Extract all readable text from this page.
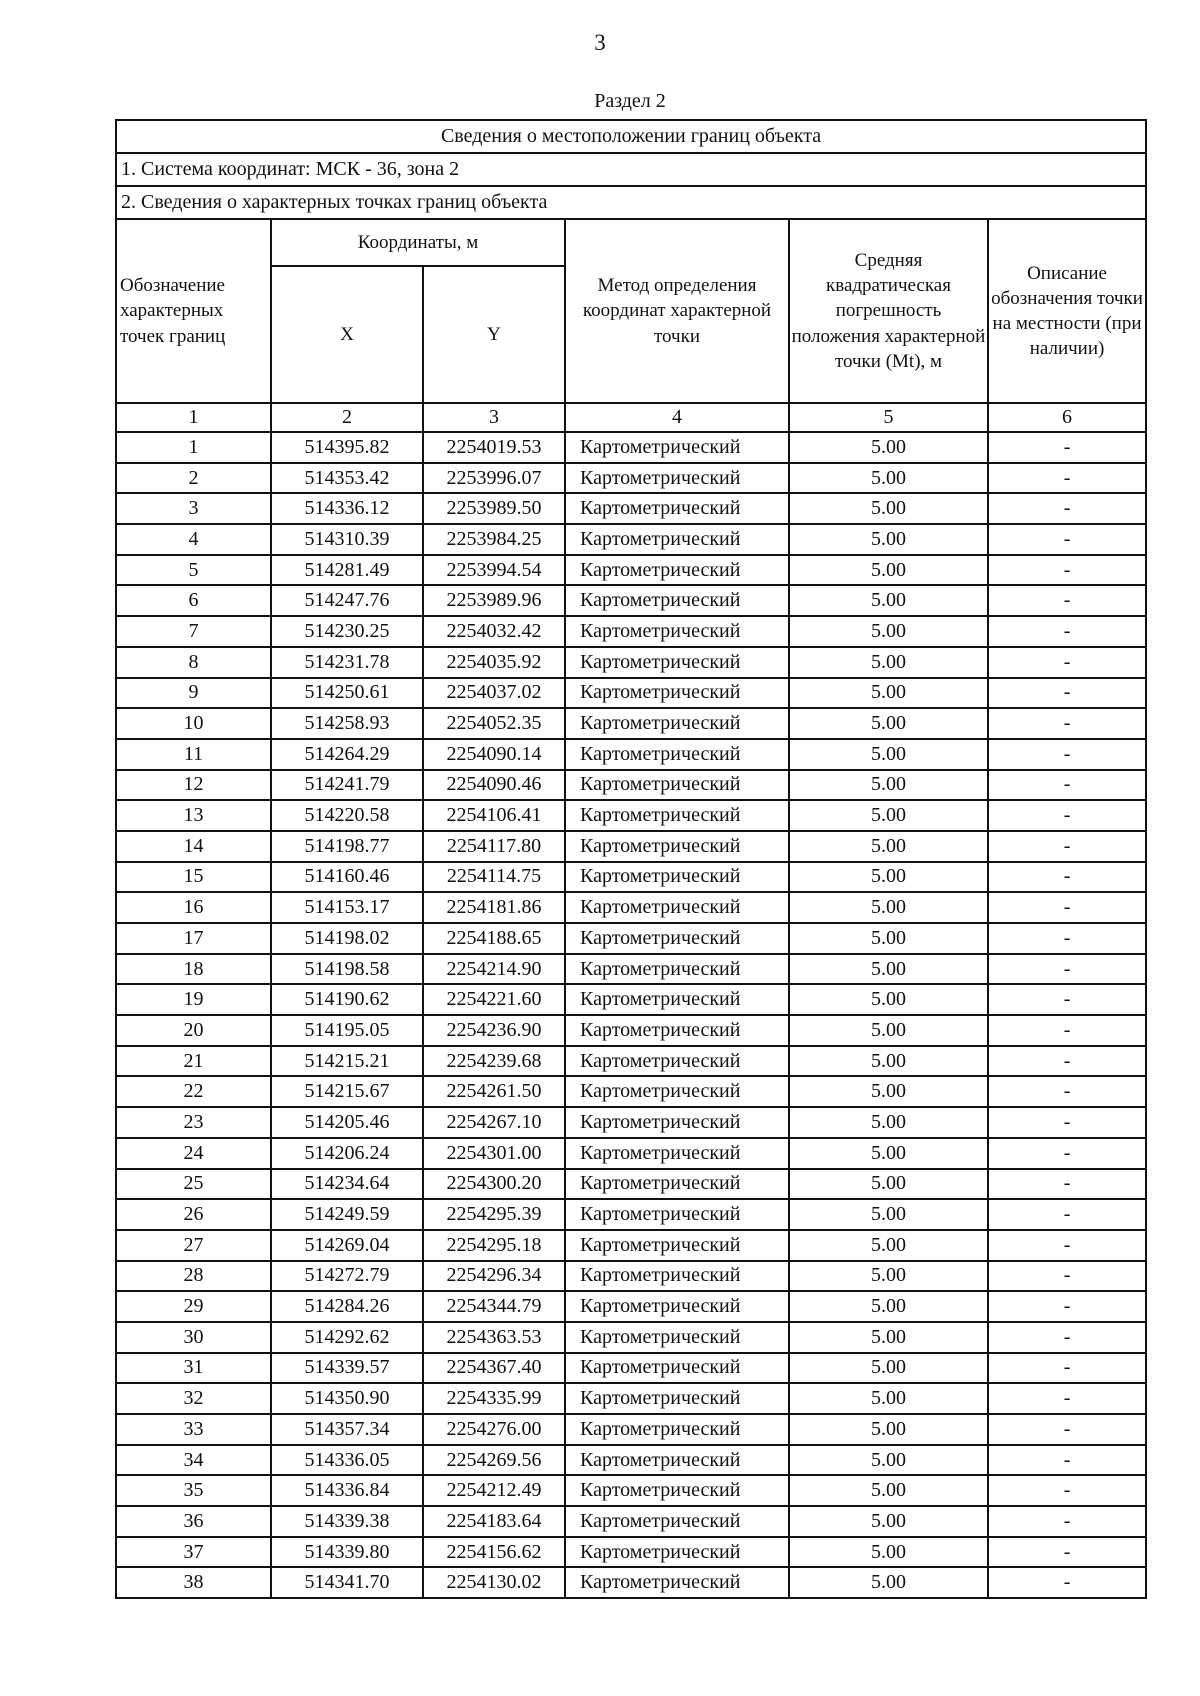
3
Раздел 2
Сведения о местоположении границ объекта					
1. Система координат: МСК - 36, зона 2					
2. Сведения о характерных точках границ объекта					
Обозначение характерных точек границ	Координаты, м		Метод определения координат характерной точки	Средняя квадратическая погрешность положения характерной точки (Mt), м	Описание обозначения точки на местности (при наличии)
	X	Y			
1	2	3	4	5	6
1	514395.82	2254019.53	Картометрический	5.00	-
2	514353.42	2253996.07	Картометрический	5.00	-
3	514336.12	2253989.50	Картометрический	5.00	-
4	514310.39	2253984.25	Картометрический	5.00	-
5	514281.49	2253994.54	Картометрический	5.00	-
6	514247.76	2253989.96	Картометрический	5.00	-
7	514230.25	2254032.42	Картометрический	5.00	-
8	514231.78	2254035.92	Картометрический	5.00	-
9	514250.61	2254037.02	Картометрический	5.00	-
10	514258.93	2254052.35	Картометрический	5.00	-
11	514264.29	2254090.14	Картометрический	5.00	-
12	514241.79	2254090.46	Картометрический	5.00	-
13	514220.58	2254106.41	Картометрический	5.00	-
14	514198.77	2254117.80	Картометрический	5.00	-
15	514160.46	2254114.75	Картометрический	5.00	-
16	514153.17	2254181.86	Картометрический	5.00	-
17	514198.02	2254188.65	Картометрический	5.00	-
18	514198.58	2254214.90	Картометрический	5.00	-
19	514190.62	2254221.60	Картометрический	5.00	-
20	514195.05	2254236.90	Картометрический	5.00	-
21	514215.21	2254239.68	Картометрический	5.00	-
22	514215.67	2254261.50	Картометрический	5.00	-
23	514205.46	2254267.10	Картометрический	5.00	-
24	514206.24	2254301.00	Картометрический	5.00	-
25	514234.64	2254300.20	Картометрический	5.00	-
26	514249.59	2254295.39	Картометрический	5.00	-
27	514269.04	2254295.18	Картометрический	5.00	-
28	514272.79	2254296.34	Картометрический	5.00	-
29	514284.26	2254344.79	Картометрический	5.00	-
30	514292.62	2254363.53	Картометрический	5.00	-
31	514339.57	2254367.40	Картометрический	5.00	-
32	514350.90	2254335.99	Картометрический	5.00	-
33	514357.34	2254276.00	Картометрический	5.00	-
34	514336.05	2254269.56	Картометрический	5.00	-
35	514336.84	2254212.49	Картометрический	5.00	-
36	514339.38	2254183.64	Картометрический	5.00	-
37	514339.80	2254156.62	Картометрический	5.00	-
38	514341.70	2254130.02	Картометрический	5.00	-
